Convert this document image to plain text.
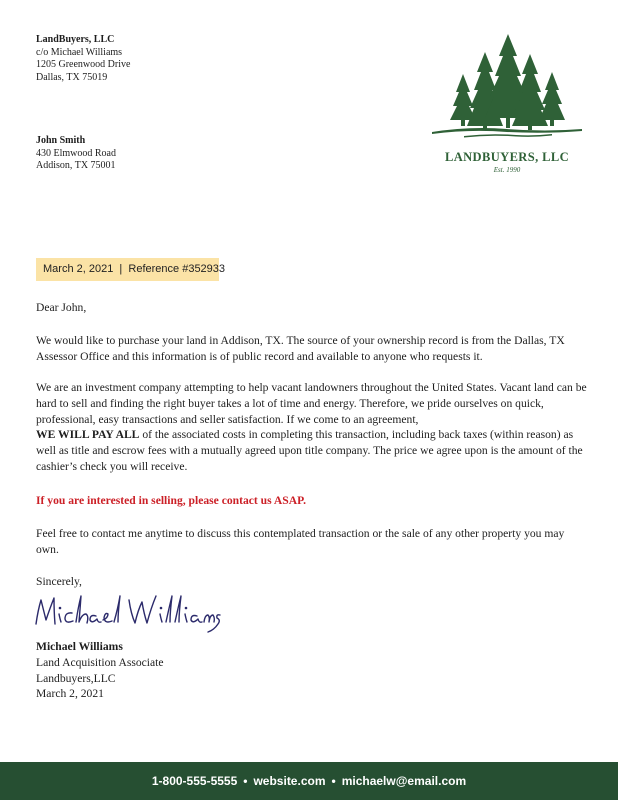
LandBuyers, LLC
c/o Michael Williams
1205 Greenwood Drive
Dallas, TX 75019
LANDBUYERS, LLC
Est. 1990
John Smith
430 Elmwood Road
Addison, TX 75001
March 2, 2021  |  Reference #352933
Dear John,
We would like to purchase your land in Addison, TX. The source of your ownership record is from the Dallas, TX Assessor Office and this information is of public record and available to anyone who requests it.
We are an investment company attempting to help vacant landowners throughout the United States. Vacant land can be hard to sell and finding the right buyer takes a lot of time and energy. Therefore, we pride ourselves on quick, professional, easy transactions and seller satisfaction. If we come to an agreement,
WE WILL PAY ALL of the associated costs in completing this transaction, including back taxes (within reason) as well as title and escrow fees with a mutually agreed upon title company. The price we agree upon is the amount of the cashier’s check you will receive.
If you are interested in selling, please contact us ASAP.
Feel free to contact me anytime to discuss this contemplated transaction or the sale of any other property you may own.
Sincerely,
Michael Williams
Land Acquisition Associate
Landbuyers,LLC
March 2, 2021
1-800-555-5555 • website.com • michaelw@email.com
